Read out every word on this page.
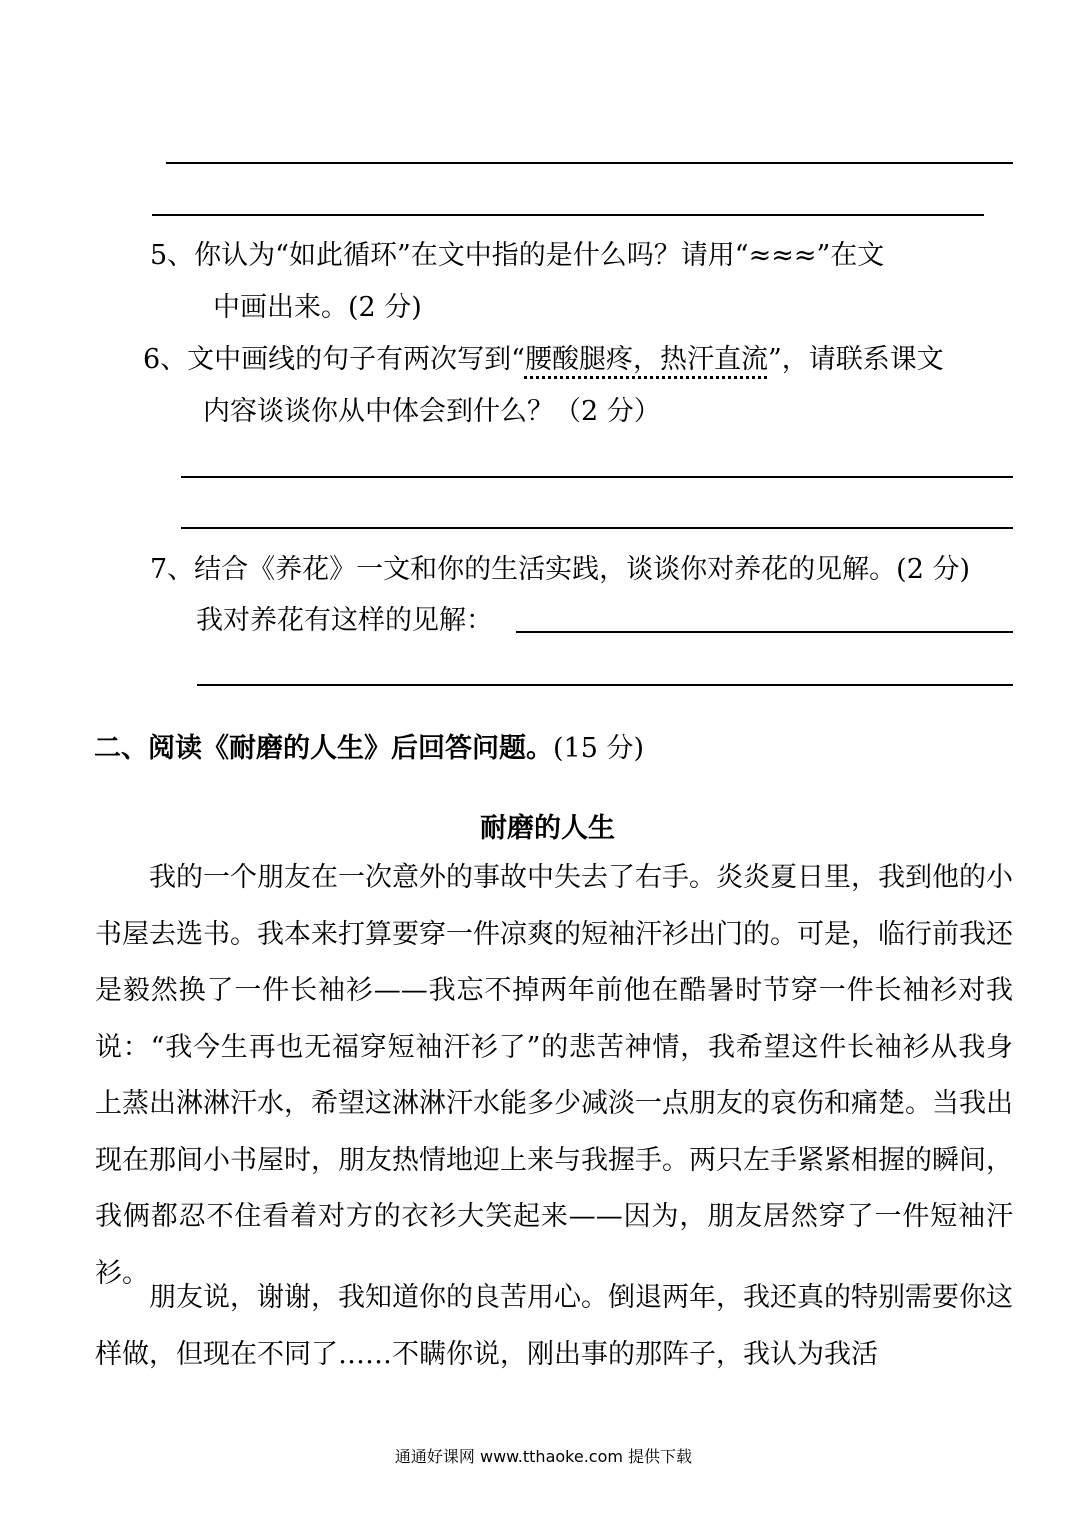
5、你认为“如此循环”在文中指的是什么吗？请用“≈≈≈”在文
中画出来。(2 分)
6、文中画线的句子有两次写到“腰酸腿疼，热汗直流”，请联系课文
内容谈谈你从中体会到什么？（2 分）
7、结合《养花》一文和你的生活实践，谈谈你对养花的见解。(2 分)
我对养花有这样的见解：
二、阅读《耐磨的人生》后回答问题。(15 分)
耐磨的人生
我的一个朋友在一次意外的事故中失去了右手。炎炎夏日里，我到他的小书屋去选书。我本来打算要穿一件凉爽的短袖汗衫出门的。可是，临行前我还是毅然换了一件长袖衫——我忘不掉两年前他在酷暑时节穿一件长袖衫对我说：“我今生再也无福穿短袖汗衫了”的悲苦神情，我希望这件长袖衫从我身上蒸出淋淋汗水，希望这淋淋汗水能多少减淡一点朋友的哀伤和痛楚。当我出现在那间小书屋时，朋友热情地迎上来与我握手。两只左手紧紧相握的瞬间，我俩都忍不住看着对方的衣衫大笑起来——因为，朋友居然穿了一件短袖汗衫。
朋友说，谢谢，我知道你的良苦用心。倒退两年，我还真的特别需要你这样做，但现在不同了……不瞒你说，刚出事的那阵子，我认为我活
通通好课网 www.tthaoke.com 提供下载
